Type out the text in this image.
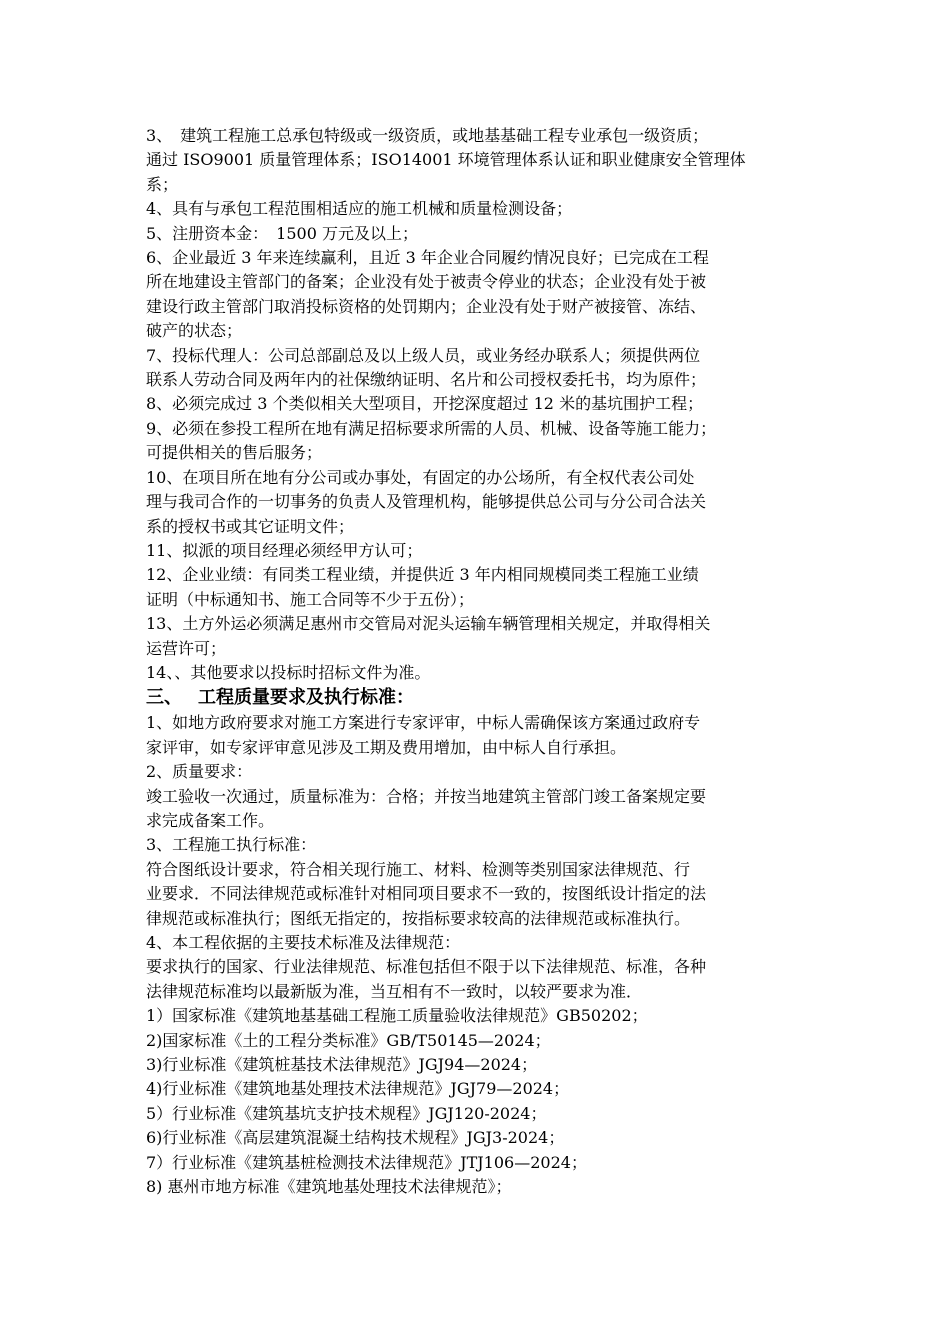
3、　建筑工程施工总承包特级或一级资质，或地基基础工程专业承包一级资质；

通过 ISO9001 质量管理体系；ISO14001 环境管理体系认证和职业健康安全管理体

系；

4、具有与承包工程范围相适应的施工机械和质量检测设备；

5、注册资本金：　1500 万元及以上；

6、企业最近 3 年来连续赢利，且近 3 年企业合同履约情况良好；已完成在工程

所在地建设主管部门的备案；企业没有处于被责令停业的状态；企业没有处于被

建设行政主管部门取消投标资格的处罚期内；企业没有处于财产被接管、冻结、

破产的状态；

7、投标代理人：公司总部副总及以上级人员，或业务经办联系人；须提供两位

联系人劳动合同及两年内的社保缴纳证明、名片和公司授权委托书，均为原件；

8、必须完成过 3 个类似相关大型项目，开挖深度超过 12 米的基坑围护工程；

9、必须在参投工程所在地有满足招标要求所需的人员、机械、设备等施工能力；

可提供相关的售后服务；

10、在项目所在地有分公司或办事处，有固定的办公场所，有全权代表公司处

理与我司合作的一切事务的负责人及管理机构，能够提供总公司与分公司合法关

系的授权书或其它证明文件；

11、拟派的项目经理必须经甲方认可；

12、企业业绩：有同类工程业绩，并提供近 3 年内相同规模同类工程施工业绩

证明（中标通知书、施工合同等不少于五份）；

13、土方外运必须满足惠州市交管局对泥头运输车辆管理相关规定，并取得相关

运营许可；

14、、其他要求以投标时招标文件为准。

三、 工程质量要求及执行标准：

1、如地方政府要求对施工方案进行专家评审，中标人需确保该方案通过政府专

家评审，如专家评审意见涉及工期及费用增加，由中标人自行承担。

2、质量要求：

竣工验收一次通过，质量标准为：合格；并按当地建筑主管部门竣工备案规定要

求完成备案工作。

3、工程施工执行标准：

符合图纸设计要求，符合相关现行施工、材料、检测等类别国家法律规范、行

业要求．不同法律规范或标准针对相同项目要求不一致的，按图纸设计指定的法

律规范或标准执行；图纸无指定的，按指标要求较高的法律规范或标准执行。

4、本工程依据的主要技术标准及法律规范：

要求执行的国家、行业法律规范、标准包括但不限于以下法律规范、标准，各种

法律规范标准均以最新版为准，当互相有不一致时，以较严要求为准．

1）国家标准《建筑地基基础工程施工质量验收法律规范》GB50202；

2)国家标准《土的工程分类标准》GB/T50145—2024；

3)行业标准《建筑桩基技术法律规范》JGJ94—2024；

4)行业标准《建筑地基处理技术法律规范》JGJ79—2024；

5）行业标准《建筑基坑支护技术规程》JGJ120-2024；

6)行业标准《高层建筑混凝土结构技术规程》JGJ3-2024；

7）行业标准《建筑基桩检测技术法律规范》JTJ106—2024；

8) 惠州市地方标准《建筑地基处理技术法律规范》；
